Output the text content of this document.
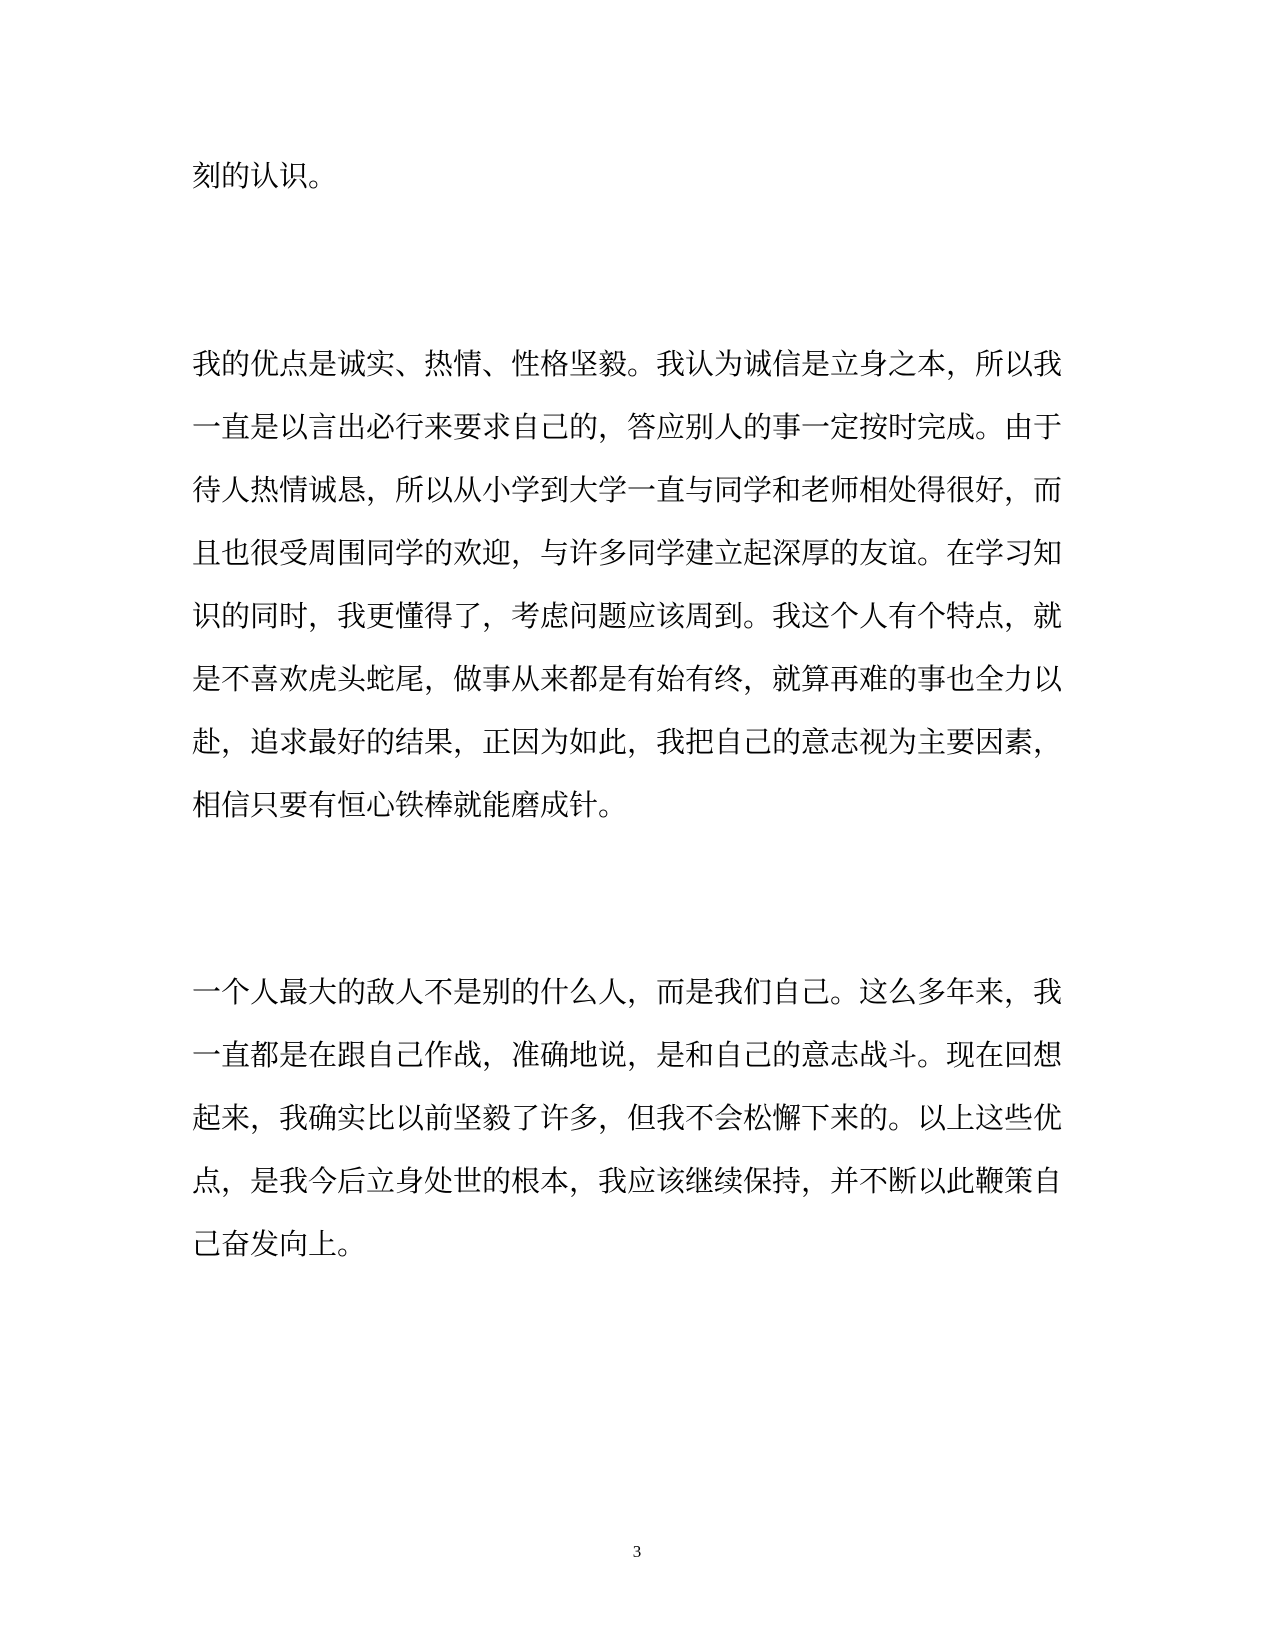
刻的认识。
我的优点是诚实、热情、性格坚毅。我认为诚信是立身之本，所以我
一直是以言出必行来要求自己的，答应别人的事一定按时完成。由于
待人热情诚恳，所以从小学到大学一直与同学和老师相处得很好，而
且也很受周围同学的欢迎，与许多同学建立起深厚的友谊。在学习知
识的同时，我更懂得了，考虑问题应该周到。我这个人有个特点，就
是不喜欢虎头蛇尾，做事从来都是有始有终，就算再难的事也全力以
赴，追求最好的结果，正因为如此，我把自己的意志视为主要因素，
相信只要有恒心铁棒就能磨成针。
一个人最大的敌人不是别的什么人，而是我们自己。这么多年来，我
一直都是在跟自己作战，准确地说，是和自己的意志战斗。现在回想
起来，我确实比以前坚毅了许多，但我不会松懈下来的。以上这些优
点，是我今后立身处世的根本，我应该继续保持，并不断以此鞭策自
己奋发向上。
3
